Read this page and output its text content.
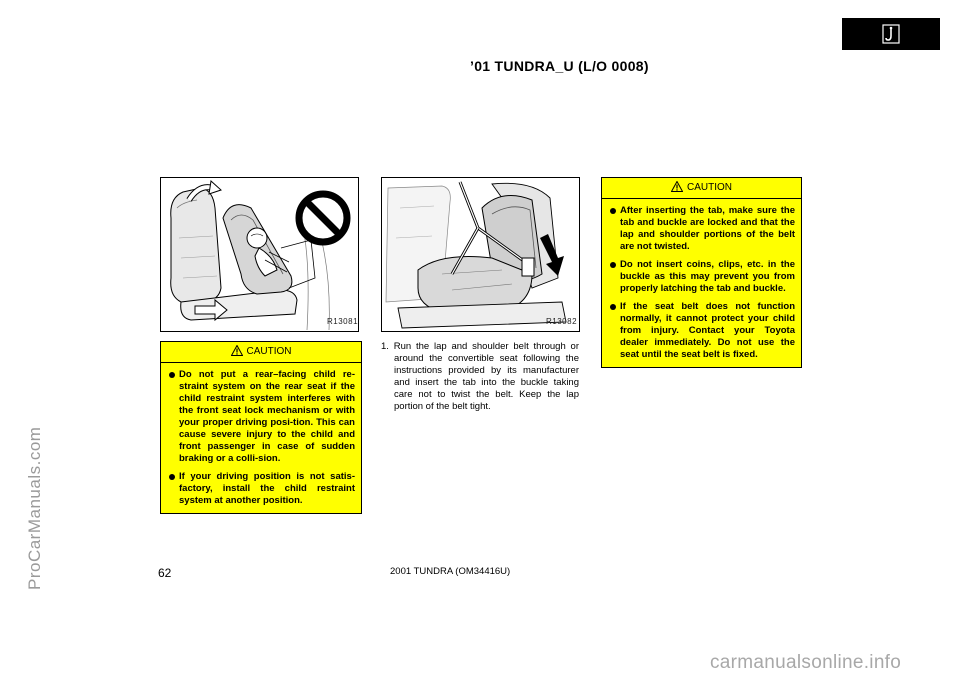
’01 TUNDRA_U (L/O 0008)
ProCarManuals.com
R13081	R13082
CAUTION
Do not put a rear–facing child re-straint system on the rear seat if the child restraint system interferes with the front seat lock mechanism or with your proper driving posi-tion. This can cause severe injury to the child and front passenger in case of sudden braking or a colli-sion.
If your driving position is not satis-factory, install the child restraint system at another position.
1. Run the lap and shoulder belt through or around the convertible seat following the instructions provided by its manufacturer and insert the tab into the buckle taking care not to twist the belt. Keep the lap portion of the belt tight.
CAUTION
After inserting the tab, make sure the tab and buckle are locked and that the lap and shoulder portions of the belt are not twisted.
Do not insert coins, clips, etc. in the buckle as this may prevent you from properly latching the tab and buckle.
If the seat belt does not function normally, it cannot protect your child from injury. Contact your Toyota dealer immediately. Do not use the seat until the seat belt is fixed.
62	2001 TUNDRA (OM34416U)
carmanualsonline.info
